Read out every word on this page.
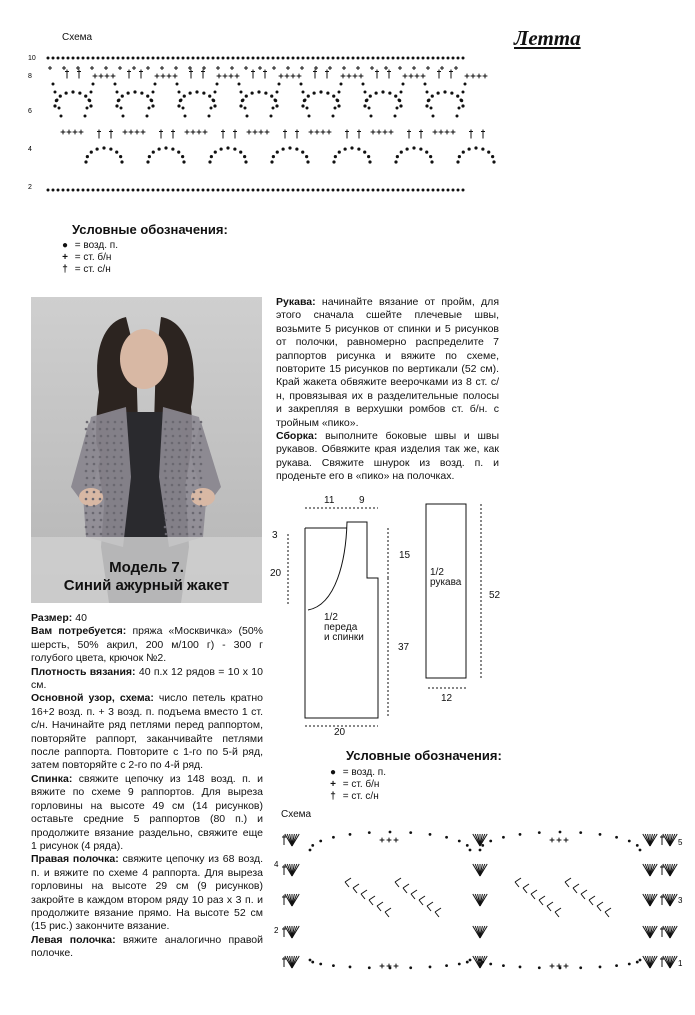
Летта
Схема
10
8
6
4
2
Условные обозначения:
● = возд. п.
+ = ст. б/н
† = ст. с/н
Модель 7.
Синий ажурный жакет

Размер: 40

Вам потребуется: пряжа «Москвичка» (50% шерсть, 50% акрил, 200 м/100 г) - 300 г голубого цвета, крючок №2.

Плотность вязания: 40 п.х 12 рядов = 10 х 10 см.

Основной узор, схема: число петель кратно 16+2 возд. п. + 3 возд. п. подъема вместо 1 ст. с/н. Начинайте ряд петлями перед раппортом, повторяйте раппорт, заканчивайте петлями после раппорта. Повторите с 1-го по 5-й ряд, затем повторяйте с 2-го по 4-й ряд.

Спинка: свяжите цепочку из 148 возд. п. и вяжите по схеме 9 раппортов. Для выреза горловины на высоте 49 см (14 рисунков) оставьте средние 5 раппортов (80 п.) и продолжите вязание раздельно, свяжите еще 1 рисунок (4 ряда).

Правая полочка: свяжите цепочку из 68 возд. п. и вяжите по схеме 4 раппорта. Для выреза горловины на высоте 29 см (9 рисунков) закройте в каждом втором ряду 10 раз х 3 п. и продолжите вязание прямо. На высоте 52 см (15 рис.) закончите вязание.

Левая полочка: вяжите аналогично правой полочке.

Рукава: начинайте вязание от пройм, для этого сначала сшейте плечевые швы, возьмите 5 рисунков от спинки и 5 рисунков от полочки, равномерно распределите 7 раппортов рисунка и вяжите по схеме, повторите 15 рисунков по вертикали (52 см). Край жакета обвяжите веерочками из 8 ст. с/н, провязывая их в разделительные полосы и закрепляя в верхушки ромбов ст. б/н. с тройным «пико».

Сборка: выполните боковые швы и швы рукавов. Обвяжите края изделия так же, как рукава. Свяжите шнурок из возд. п. и проденьте его в «пико» на полочках.

11 9
3
20
15
37
20
1/2
переда
и спинки
1/2
рукава
52
12
Условные обозначения:
● = возд. п.
+ = ст. б/н
† = ст. с/н
Схема
4
2
5
3
1
